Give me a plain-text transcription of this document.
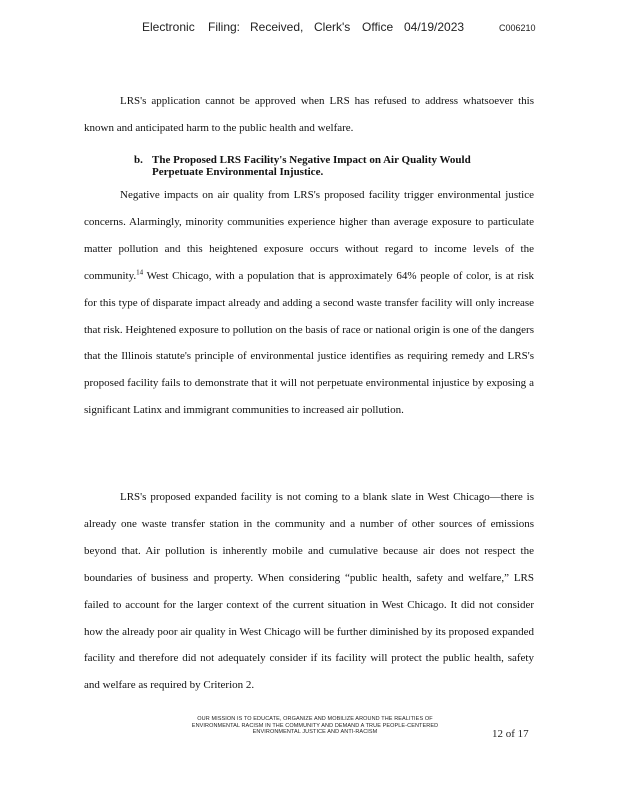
Electronic Filing: Received, Clerk's Office 04/19/2023	C006210

LRS's application cannot be approved when LRS has refused to address whatsoever this known and anticipated harm to the public health and welfare.

b. The Proposed LRS Facility's Negative Impact on Air Quality Would Perpetuate Environmental Injustice.

Negative impacts on air quality from LRS's proposed facility trigger environmental justice concerns. Alarmingly, minority communities experience higher than average exposure to particulate matter pollution and this heightened exposure occurs without regard to income levels of the community.$^{14}$ West Chicago, with a population that is approximately 64% people of color, is at risk for this type of disparate impact already and adding a second waste transfer facility will only increase that risk. Heightened exposure to pollution on the basis of race or national origin is one of the dangers that the Illinois statute's principle of environmental justice identifies as requiring remedy and LRS's proposed facility fails to demonstrate that it will not perpetuate environmental injustice by exposing a significant Latinx and immigrant communities to increased air pollution.

LRS's proposed expanded facility is not coming to a blank slate in West Chicago—there is already one waste transfer station in the community and a number of other sources of emissions beyond that. Air pollution is inherently mobile and cumulative because air does not respect the boundaries of business and property. When considering “public health, safety and welfare,” LRS failed to account for the larger context of the current situation in West Chicago. It did not consider how the already poor air quality in West Chicago will be further diminished by its proposed expanded facility and therefore did not adequately consider if its facility will protect the public health, safety and welfare as required by Criterion 2.

OUR MISSION IS TO EDUCATE, ORGANIZE AND MOBILIZE AROUND THE REALITIES OF
ENVIRONMENTAL RACISM IN THE COMMUNITY AND DEMAND A TRUE PEOPLE-CENTERED
ENVIRONMENTAL JUSTICE AND ANTI-RACISM	12 of 17
